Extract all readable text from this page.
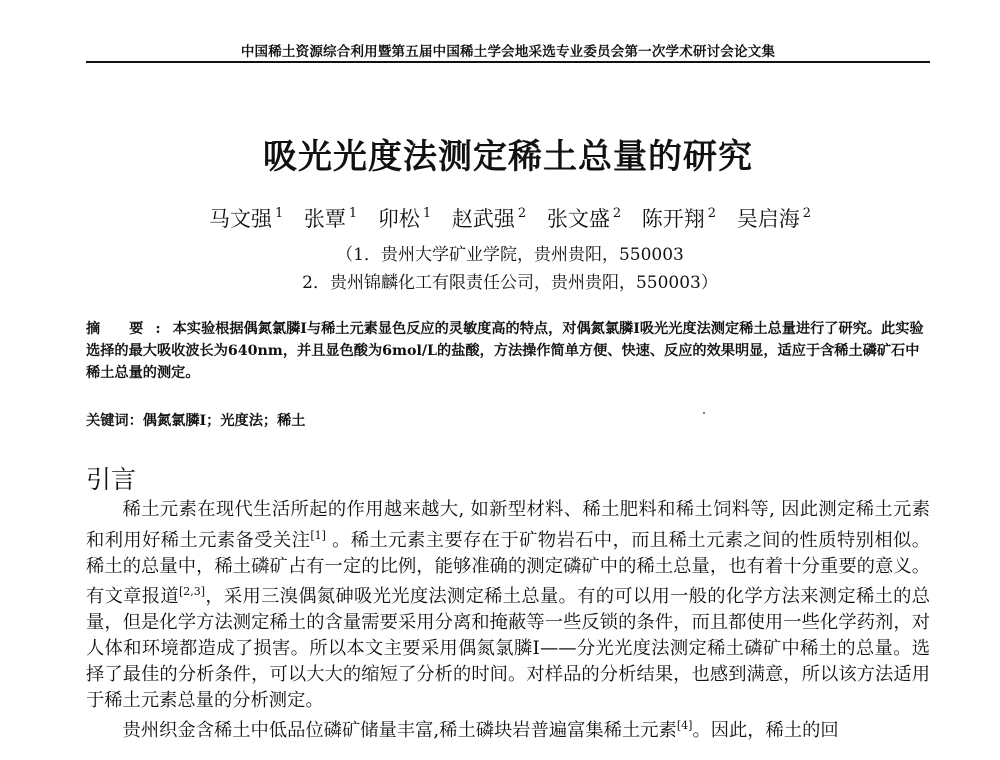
中国稀土资源综合利用暨第五届中国稀土学会地采选专业委员会第一次学术研讨会论文集
吸光光度法测定稀土总量的研究
马文强 $^1$ 张覃 $^1$ 卯松 $^1$ 赵武强 $^2$ 张文盛 $^2$ 陈开翔 $^2$ 吴启海 $^2$
（1．贵州大学矿业学院，贵州贵阳，550003
2．贵州锦麟化工有限责任公司，贵州贵阳，550003）
摘 要:本实验根据偶氮氯膦Ⅰ与稀土元素显色反应的灵敏度高的特点，对偶氮氯膦Ⅰ吸光光度法测定稀土总量进行了研究。此实验选择的最大吸收波长为640nm，并且显色酸为6mol/L的盐酸，方法操作简单方便、快速、反应的效果明显，适应于含稀土磷矿石中稀土总量的测定。
关键词：偶氮氯膦Ⅰ；光度法；稀土
引言

稀土元素在现代生活所起的作用越来越大, 如新型材料、稀土肥料和稀土饲料等, 因此测定稀土元素和利用好稀土元素备受关注[1] 。稀土元素主要存在于矿物岩石中，而且稀土元素之间的性质特别相似。稀土的总量中，稀土磷矿占有一定的比例，能够准确的测定磷矿中的稀土总量，也有着十分重要的意义。有文章报道[2,3]，采用三溴偶氮砷吸光光度法测定稀土总量。有的可以用一般的化学方法来测定稀土的总量，但是化学方法测定稀土的含量需要采用分离和掩蔽等一些反锁的条件，而且都使用一些化学药剂，对人体和环境都造成了损害。所以本文主要采用偶氮氯膦Ⅰ——分光光度法测定稀土磷矿中稀土的总量。选择了最佳的分析条件，可以大大的缩短了分析的时间。对样品的分析结果，也感到满意，所以该方法适用于稀土元素总量的分析测定。

贵州织金含稀土中低品位磷矿储量丰富,稀土磷块岩普遍富集稀土元素[4]。因此，稀土的回
